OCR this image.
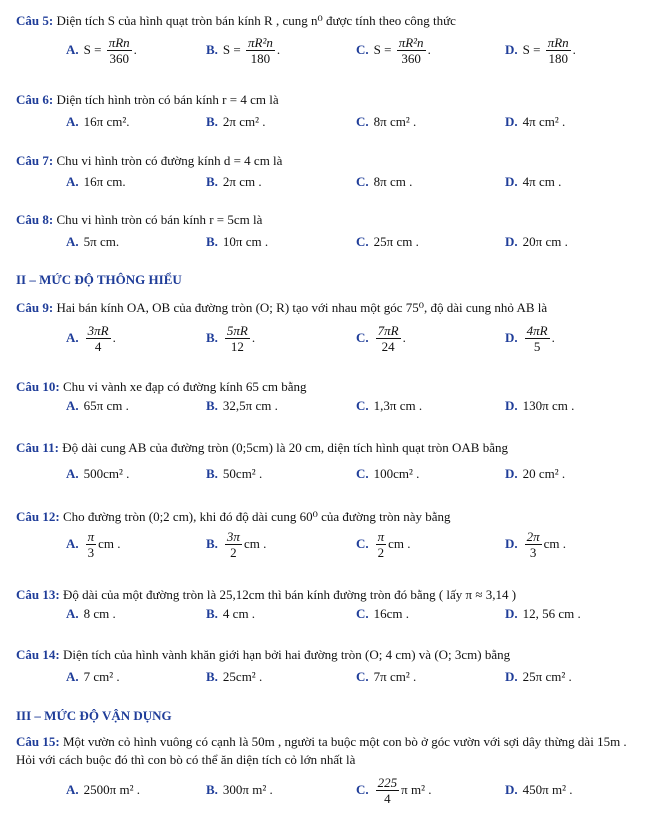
II – MỨC ĐỘ THÔNG HIỂU
III – MỨC ĐỘ VẬN DỤNG
Câu 5: Diện tích S của hình quạt tròn bán kính R , cung n⁰ được tính theo công thức
A. $S = \frac{\text{πRn}}{360}$ .	B. $S = \frac{\text{πR²n}}{180}$ .	C. $S = \frac{\text{πR²n}}{360}$ .	D. $S = \frac{\text{πRn}}{180}$ .
Câu 6: Diện tích hình tròn có bán kính r = 4 cm là
A. 16π cm².	B. 2π cm² .	C. 8π cm² .	D. 4π cm² .
Câu 7: Chu vi hình tròn có đường kính d = 4 cm là
A. 16π cm.	B. 2π cm .	C. 8π cm .	D. 4π cm .
Câu 8: Chu vi hình tròn có bán kính r = 5cm là
A. 5π cm.	B. 10π cm .	C. 25π cm .	D. 20π cm .
Câu 9: Hai bán kính OA, OB của đường tròn (O; R) tạo với nhau một góc 75⁰, độ dài cung nhỏ AB là
A. $\frac{3\pi R}{4}$ .	B. $\frac{5\pi R}{12}$ .	C. $\frac{7\pi R}{24}$ .	D. $\frac{4\pi R}{5}$ .
Câu 10: Chu vi vành xe đạp có đường kính 65 cm bằng
A. 65π cm .	B. 32,5π cm .	C. 1,3π cm .	D. 130π cm .
Câu 11: Độ dài cung AB của đường tròn (0;5cm) là 20 cm, diện tích hình quạt tròn OAB bằng
A. 500cm² .	B. 50cm² .	C. 100cm² .	D. 20 cm² .
Câu 12: Cho đường tròn (0;2 cm), khi đó độ dài cung 60⁰ của đường tròn này bằng
A. $\frac{\pi}{3}$ cm .	B. $\frac{3\pi}{2}$ cm .	C. $\frac{\pi}{2}$ cm .	D. $\frac{2\pi}{3}$ cm .
Câu 13: Độ dài của một đường tròn là 25,12cm thì bán kính đường tròn đó bằng ( lấy π ≈ 3,14 )
A. 8 cm .	B. 4 cm .	C. 16cm .	D. 12, 56 cm .
Câu 14: Diện tích của hình vành khăn giới hạn bởi hai đường tròn (O; 4 cm) và (O; 3cm) bằng
A. 7 cm² .	B. 25cm² .	C. 7π cm² .	D. 25π cm² .
Câu 15: Một vườn cỏ hình vuông có cạnh là 50m , người ta buộc một con bò ở góc vườn với sợi dây thừng dài 15m . Hỏi với cách buộc đó thì con bò có thể ăn diện tích cỏ lớn nhất là
A. 2500π m² .	B. 300π m² .	C. $\frac{225}{4}$ π m² .	D. 450π m² .
